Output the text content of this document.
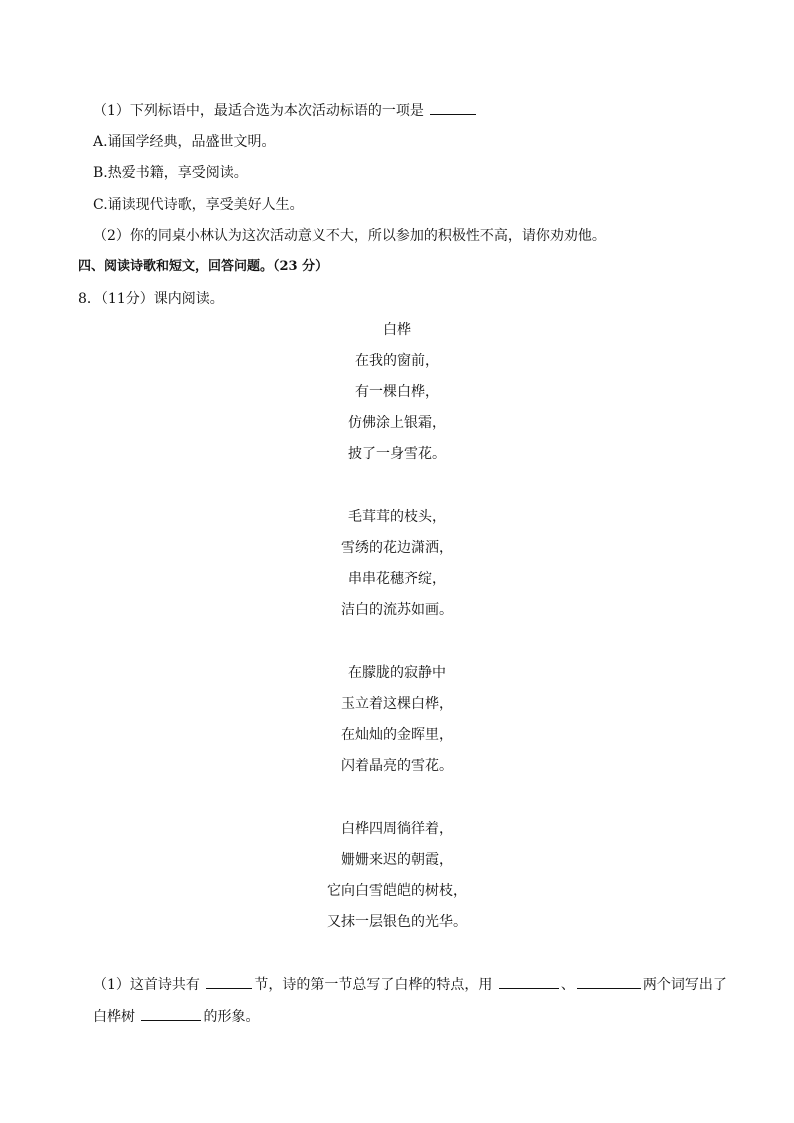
（1）下列标语中，最适合选为本次活动标语的一项是
A.诵国学经典，品盛世文明。
B.热爱书籍，享受阅读。
C.诵读现代诗歌，享受美好人生。
（2）你的同桌小林认为这次活动意义不大，所以参加的积极性不高，请你劝劝他。
四、阅读诗歌和短文，回答问题。（23 分）
8．（11分）课内阅读。
白桦
在我的窗前，
有一棵白桦，
仿佛涂上银霜，
披了一身雪花。
毛茸茸的枝头，
雪绣的花边潇洒，
串串花穗齐绽，
洁白的流苏如画。
在朦胧的寂静中
玉立着这棵白桦，
在灿灿的金晖里，
闪着晶亮的雪花。
白桦四周徜徉着，
姗姗来迟的朝霞，
它向白雪皑皑的树枝，
又抹一层银色的光华。
（1）这首诗共有	节，诗的第一节总写了白桦的特点，用	、	两个词写出了
白桦树	的形象。
